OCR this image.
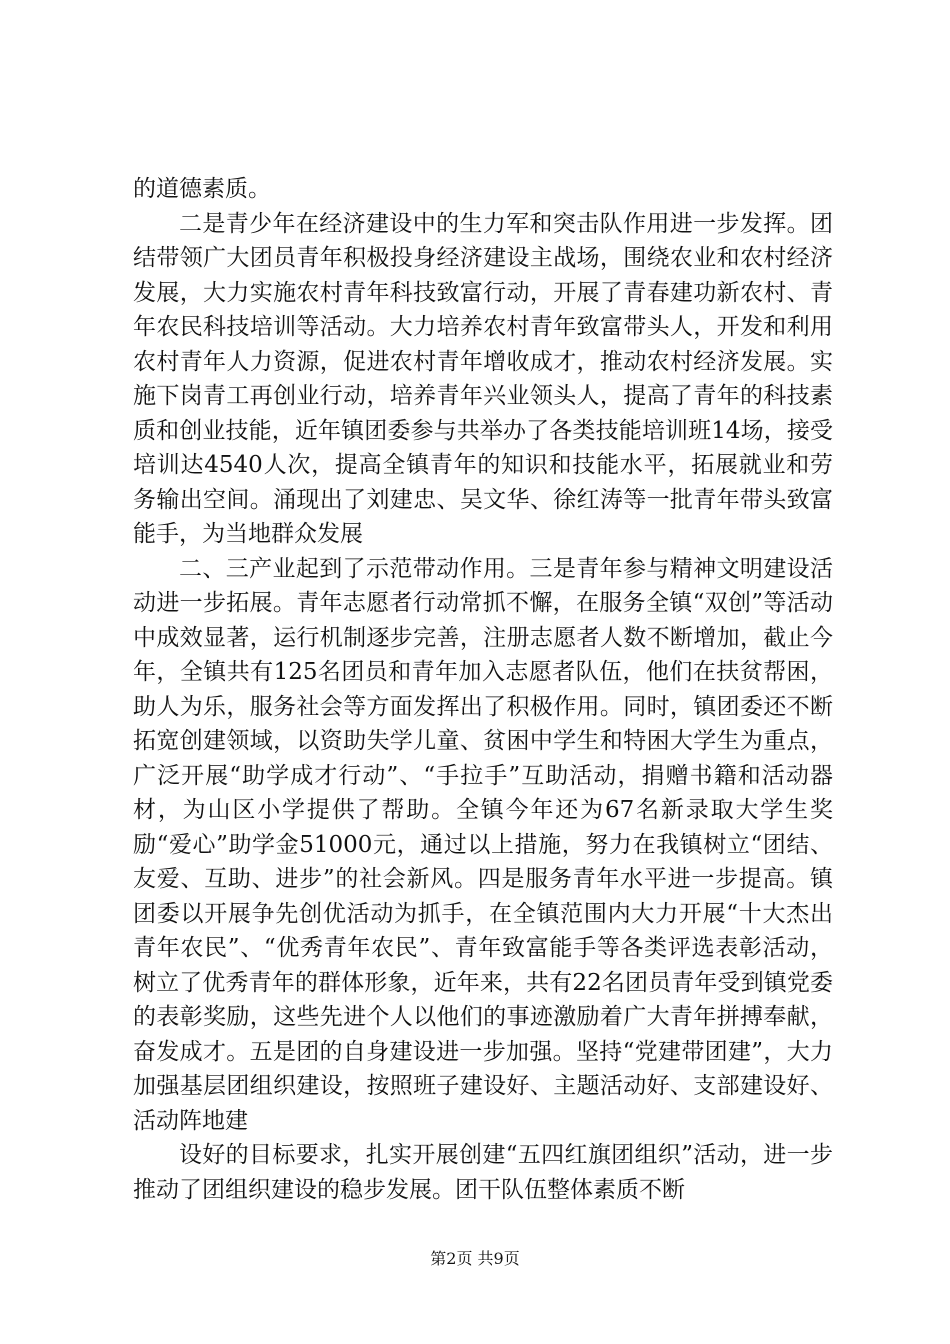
的道德素质。

二是青少年在经济建设中的生力军和突击队作用进一步发挥。团结带领广大团员青年积极投身经济建设主战场，围绕农业和农村经济发展，大力实施农村青年科技致富行动，开展了青春建功新农村、青年农民科技培训等活动。大力培养农村青年致富带头人，开发和利用农村青年人力资源，促进农村青年增收成才，推动农村经济发展。实施下岗青工再创业行动，培养青年兴业领头人，提高了青年的科技素质和创业技能，近年镇团委参与共举办了各类技能培训班14场，接受培训达4540人次，提高全镇青年的知识和技能水平，拓展就业和劳务输出空间。涌现出了刘建忠、吴文华、徐红涛等一批青年带头致富能手，为当地群众发展

二、三产业起到了示范带动作用。三是青年参与精神文明建设活动进一步拓展。青年志愿者行动常抓不懈，在服务全镇“双创”等活动中成效显著，运行机制逐步完善，注册志愿者人数不断增加，截止今年，全镇共有125名团员和青年加入志愿者队伍，他们在扶贫帮困，助人为乐，服务社会等方面发挥出了积极作用。同时，镇团委还不断拓宽创建领域，以资助失学儿童、贫困中学生和特困大学生为重点，广泛开展“助学成才行动”、“手拉手”互助活动，捐赠书籍和活动器材，为山区小学提供了帮助。全镇今年还为67名新录取大学生奖励“爱心”助学金51000元，通过以上措施，努力在我镇树立“团结、友爱、互助、进步”的社会新风。四是服务青年水平进一步提高。镇团委以开展争先创优活动为抓手，在全镇范围内大力开展“十大杰出青年农民”、“优秀青年农民”、青年致富能手等各类评选表彰活动，树立了优秀青年的群体形象，近年来，共有22名团员青年受到镇党委的表彰奖励，这些先进个人以他们的事迹激励着广大青年拼搏奉献，奋发成才。五是团的自身建设进一步加强。坚持“党建带团建”，大力加强基层团组织建设，按照班子建设好、主题活动好、支部建设好、活动阵地建

设好的目标要求，扎实开展创建“五四红旗团组织”活动，进一步推动了团组织建设的稳步发展。团干队伍整体素质不断

第2页 共9页
